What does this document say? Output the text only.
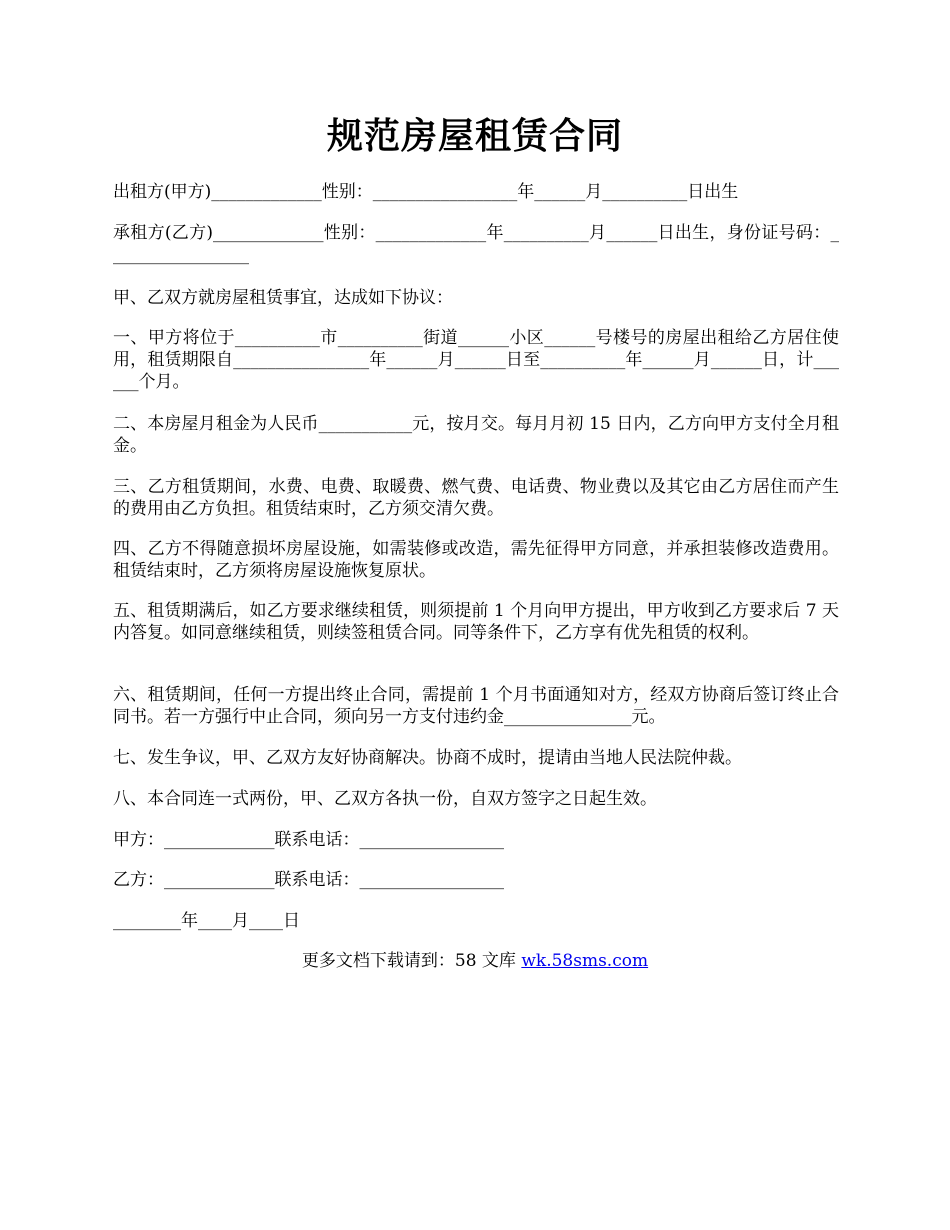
规范房屋租赁合同
出租方(甲方)_____________性别：_________________年______月__________日出生
承租方(乙方)_____________性别：_____________年__________月______日出生，身份证号码：_________________
甲、乙双方就房屋租赁事宜，达成如下协议：
一、甲方将位于__________市__________街道______小区______号楼号的房屋出租给乙方居住使用，租赁期限自________________年______月______日至__________年______月______日，计______个月。
二、本房屋月租金为人民币___________元，按月交。每月月初 15 日内，乙方向甲方支付全月租金。
三、乙方租赁期间，水费、电费、取暖费、燃气费、电话费、物业费以及其它由乙方居住而产生的费用由乙方负担。租赁结束时，乙方须交清欠费。
四、乙方不得随意损坏房屋设施，如需装修或改造，需先征得甲方同意，并承担装修改造费用。租赁结束时，乙方须将房屋设施恢复原状。
五、租赁期满后，如乙方要求继续租赁，则须提前 1 个月向甲方提出，甲方收到乙方要求后 7 天内答复。如同意继续租赁，则续签租赁合同。同等条件下，乙方享有优先租赁的权利。
六、租赁期间，任何一方提出终止合同，需提前 1 个月书面通知对方，经双方协商后签订终止合同书。若一方强行中止合同，须向另一方支付违约金_______________元。
七、发生争议，甲、乙双方友好协商解决。协商不成时，提请由当地人民法院仲裁。
八、本合同连一式两份，甲、乙双方各执一份，自双方签字之日起生效。
甲方：_____________联系电话：_________________
乙方：_____________联系电话：_________________
________年____月____日
更多文档下载请到：58 文库 wk.58sms.com
